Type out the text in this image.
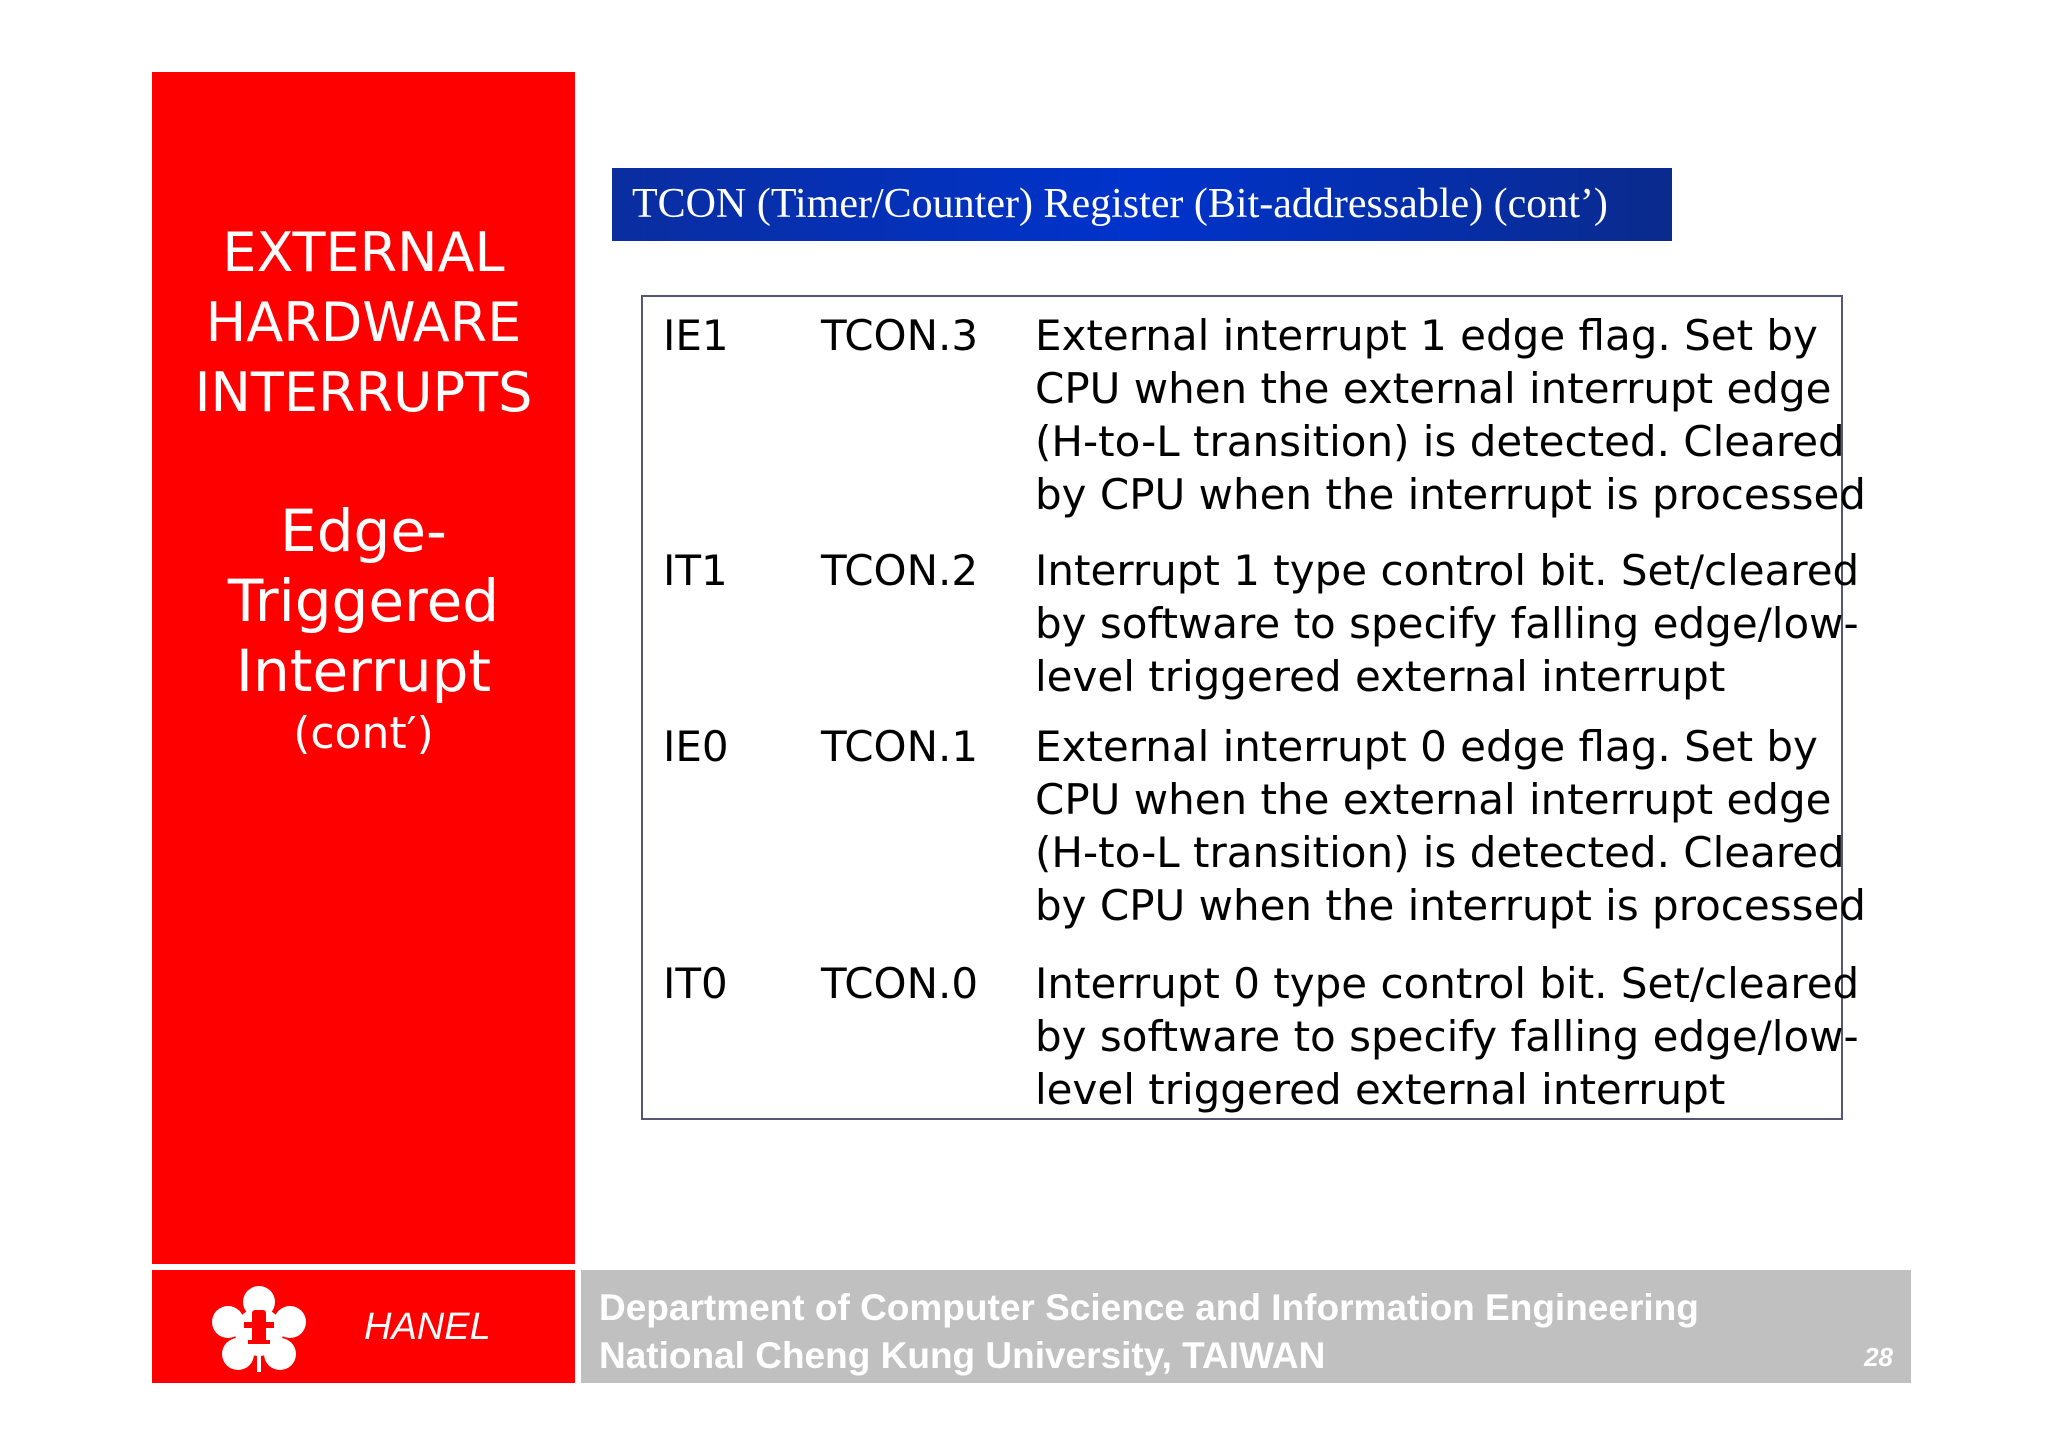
EXTERNAL
HARDWARE
INTERRUPTS
Edge-Triggered
Interrupt
(cont′)
TCON (Timer/Counter) Register (Bit-addressable) (cont’)
IE1 TCON.3 External interrupt 1 edge flag. Set by
CPU when the external interrupt edge
(H-to-L transition) is detected. Cleared
by CPU when the interrupt is processed
IT1 TCON.2 Interrupt 1 type control bit. Set/cleared
by software to specify falling edge/low-
level triggered external interrupt
IE0 TCON.1 External interrupt 0 edge flag. Set by
CPU when the external interrupt edge
(H-to-L transition) is detected. Cleared
by CPU when the interrupt is processed
IT0 TCON.0 Interrupt 0 type control bit. Set/cleared
by software to specify falling edge/low-
level triggered external interrupt
HANEL	Department of Computer Science and Information Engineering
National Cheng Kung University, TAIWAN	28
